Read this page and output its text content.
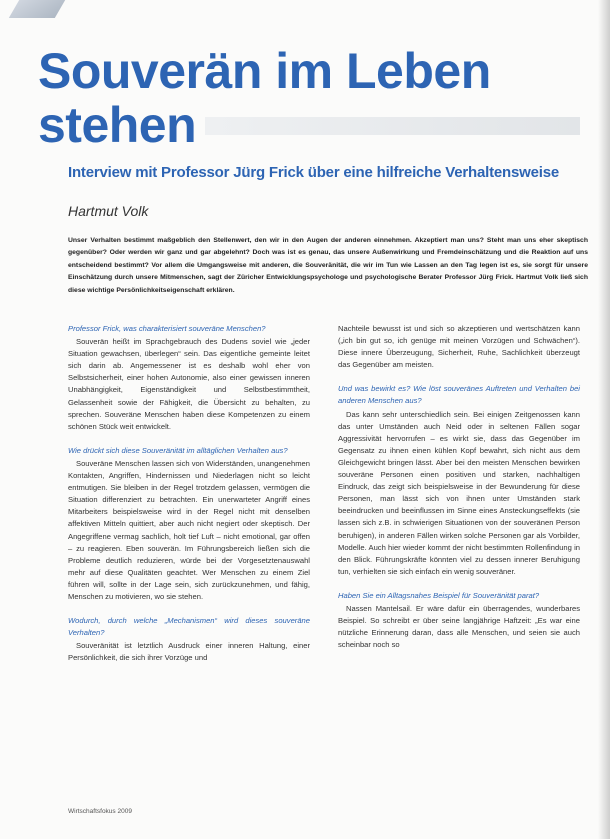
Souverän im Leben
stehen
Interview mit Professor Jürg Frick über eine hilfreiche Verhaltensweise
Hartmut Volk

Unser Verhalten bestimmt maßgeblich den Stellenwert, den wir in den Augen der anderen einnehmen. Akzeptiert man uns? Steht man uns eher skeptisch gegenüber? Oder werden wir ganz und gar abgelehnt? Doch was ist es genau, das unsere Außenwirkung und Fremdeinschätzung und die Reaktion auf uns entscheidend bestimmt? Vor allem die Umgangsweise mit anderen, die Souveränität, die wir im Tun wie Lassen an den Tag legen ist es, sie sorgt für unsere Einschätzung durch unsere Mitmenschen, sagt der Züricher Entwicklungspsychologe und psychologische Berater Professor Jürg Frick. Hartmut Volk ließ sich diese wichtige Persönlichkeitseigenschaft erklären.

Professor Frick, was charakterisiert souveräne Menschen?

Souverän heißt im Sprachgebrauch des Dudens soviel wie „jeder Situation gewachsen, überlegen“ sein. Das eigentliche gemeinte leitet sich darin ab. Angemessener ist es deshalb wohl eher von Selbstsicherheit, einer hohen Autonomie, also einer gewissen inneren Unabhängigkeit, Eigenständigkeit und Selbstbestimmtheit, Gelassenheit sowie der Fähigkeit, die Übersicht zu behalten, zu sprechen. Souveräne Menschen haben diese Kompetenzen zu einem schönen Stück weit entwickelt.

Wie drückt sich diese Souveränität im alltäglichen Verhalten aus?

Souveräne Menschen lassen sich von Widerständen, unangenehmen Kontakten, Angriffen, Hindernissen und Niederlagen nicht so leicht entmutigen. Sie bleiben in der Regel trotzdem gelassen, vermögen die Situation differenziert zu betrachten. Ein unerwarteter Angriff eines Mitarbeiters beispielsweise wird in der Regel nicht mit denselben affektiven Mitteln quittiert, aber auch nicht negiert oder skeptisch. Der Angegriffene vermag sachlich, holt tief Luft – nicht emotional, gar offen – zu reagieren. Eben souverän. Im Führungsbereich ließen sich die Probleme deutlich reduzieren, würde bei der Vorgesetztenauswahl mehr auf diese Qualitäten geachtet. Wer Menschen zu einem Ziel führen will, sollte in der Lage sein, sich zurückzunehmen, und fähig, Menschen zu motivieren, wo sie stehen.

Wodurch, durch welche „Mechanismen“ wird dieses souveräne Verhalten?

Souveränität ist letztlich Ausdruck einer inneren Haltung, einer Persönlichkeit, die sich ihrer Vorzüge und

Nachteile bewusst ist und sich so akzeptieren und wertschätzen kann („ich bin gut so, ich genüge mit meinen Vorzügen und Schwächen“). Diese innere Überzeugung, Sicherheit, Ruhe, Sachlichkeit überzeugt das Gegenüber am meisten.

Und was bewirkt es? Wie löst souveränes Auftreten und Verhalten bei anderen Menschen aus?

Das kann sehr unterschiedlich sein. Bei einigen Zeitgenossen kann das unter Umständen auch Neid oder in seltenen Fällen sogar Aggressivität hervorrufen – es wirkt sie, dass das Gegenüber im Gegensatz zu ihnen einen kühlen Kopf bewahrt, sich nicht aus dem Gleichgewicht bringen lässt. Aber bei den meisten Menschen bewirken souveräne Personen einen positiven und starken, nachhaltigen Eindruck, das zeigt sich beispielsweise in der Bewunderung für diese Personen, man lässt sich von ihnen unter Umständen stark beeindrucken und beeinflussen im Sinne eines Ansteckungseffekts (sie lassen sich z.B. in schwierigen Situationen von der souveränen Person beruhigen), in anderen Fällen wirken solche Personen gar als Vorbilder, Modelle. Auch hier wieder kommt der nicht bestimmten Rollenfindung in den Blick. Führungskräfte könnten viel zu dessen innerer Beruhigung tun, verhielten sie sich einfach ein wenig souveräner.

Haben Sie ein Alltagsnahes Beispiel für Souveränität parat?

Nassen Mantelsail. Er wäre dafür ein überragendes, wunderbares Beispiel. So schreibt er über seine langjährige Haftzeit: „Es war eine nützliche Erinnerung daran, dass alle Menschen, und seien sie auch scheinbar noch so

Wirtschaftsfokus 2009
